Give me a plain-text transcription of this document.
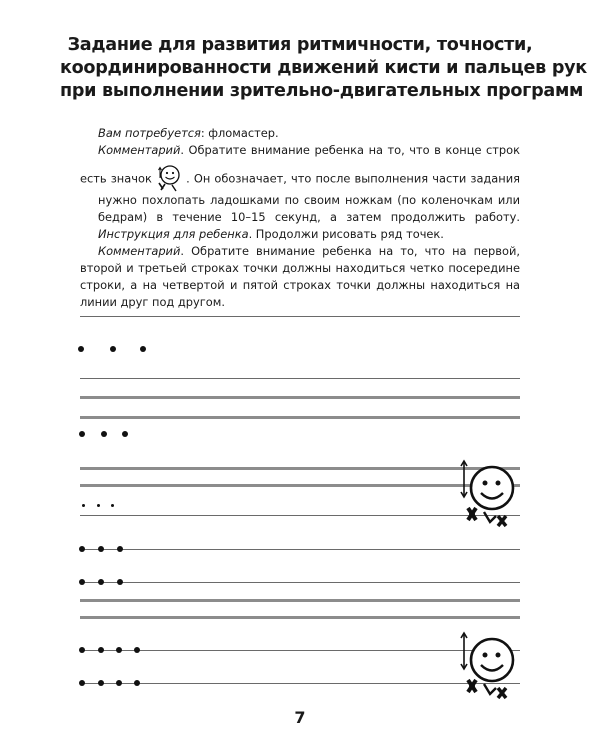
Задание для развития ритмичности, точности,
координированности движений кисти и пальцев рук
при выполнении зрительно-двигательных программ

Вам потребуется: фломастер.

Комментарий. Обратите внимание ребенка на то, что в конце строк

есть значок	. Он обозначает, что после выполнения части задания

нужно похлопать ладошками по своим ножкам (по коленочкам или

бедрам) в течение 10–15 секунд, а затем продолжить работу.

Инструкция для ребенка. Продолжи рисовать ряд точек.

Комментарий. Обратите внимание ребенка на то, что на первой,

второй и третьей строках точки должны находиться четко посередине

строки, а на четвертой и пятой строках точки должны находиться на

линии друг под другом.

7
